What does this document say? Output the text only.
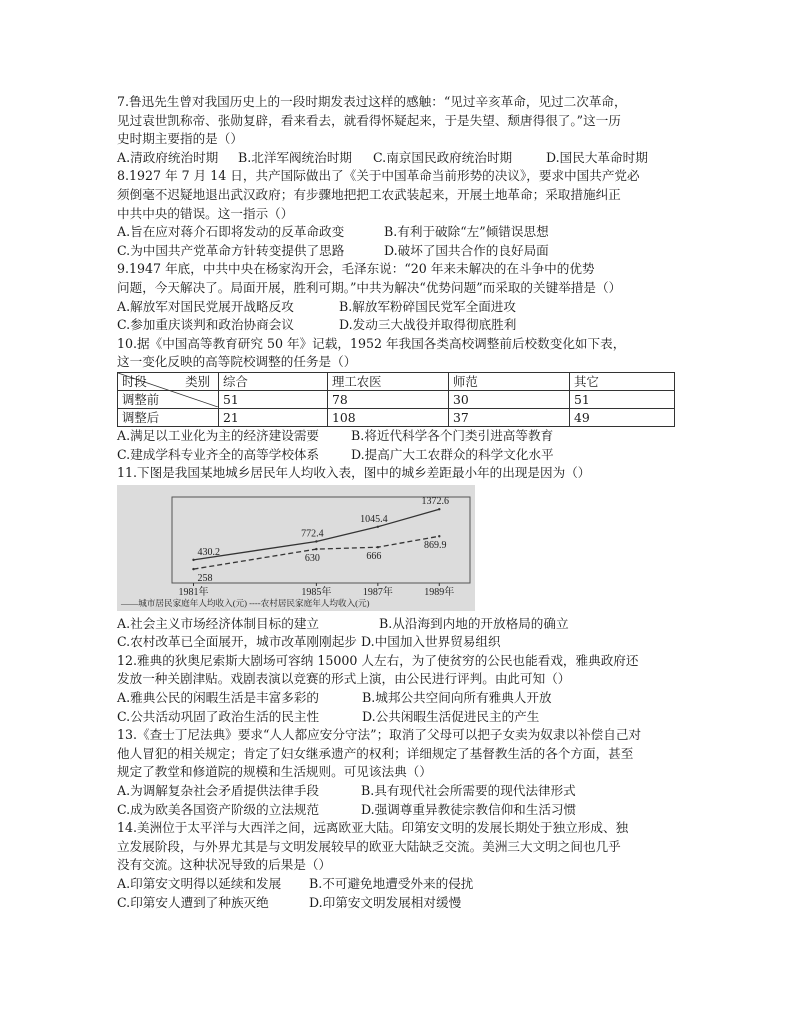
7.鲁迅先生曾对我国历史上的一段时期发表过这样的感触：“见过辛亥革命，见过二次革命，

见过袁世凯称帝、张勋复辟，看来看去，就看得怀疑起来，于是失望、颓唐得很了。”这一历

史时期主要指的是（）

A.清政府统治时期	B.北洋军阀统治时期	C.南京国民政府统治时期	D.国民大革命时期

8.1927 年 7 月 14 日，共产国际做出了《关于中国革命当前形势的决议》，要求中国共产党必

须倒毫不迟疑地退出武汉政府；有步骤地把把工农武装起来，开展土地革命；采取措施纠正

中共中央的错误。这一指示（）

A.旨在应对蒋介石即将发动的反革命政变	B.有利于破除“左”倾错误思想
C.为中国共产党革命方针转变提供了思路	D.破坏了国共合作的良好局面

9.1947 年底，中共中央在杨家沟开会，毛泽东说：“20 年来未解决的在斗争中的优势

问题，今天解决了。局面开展，胜利可期。”中共为解决“优势问题”而采取的关键举措是（）

A.解放军对国民党展开战略反攻	B.解放军粉碎国民党军全面进攻
C.参加重庆谈判和政治协商会议	D.发动三大战役并取得彻底胜利

10.据《中国高等教育研究 50 年》记载，1952 年我国各类高校调整前后校数变化如下表，

这一变化反映的高等院校调整的任务是（）

类别
时段	综合	理工农医	师范	其它
调整前	51	78	30	51
调整后	21	108	37	49
A.满足以工业化为主的经济建设需要	B.将近代科学各个门类引进高等教育
C.建成学科专业齐全的高等学校体系	D.提高广大工农群众的科学文化水平

11.下图是我国某地城乡居民年人均收入表，图中的城乡差距最小年的出现是因为（）

430.2
772.4
1045.4
1372.6
258
630	666
869.9
1981年	1985年	1987年	1989年
——城市居民家庭年人均收入(元) ----农村居民家庭年人均收入(元)
A.社会主义市场经济体制目标的建立	B.从沿海到内地的开放格局的确立
C.农村改革已全面展开，城市改革刚刚起步 D.中国加入世界贸易组织

12.雅典的狄奥尼索斯大剧场可容纳 15000 人左右，为了使贫穷的公民也能看戏，雅典政府还

发放一种关剧津贴。戏剧表演以竞赛的形式上演，由公民进行评判。由此可知（）

A.雅典公民的闲暇生活是丰富多彩的	B.城邦公共空间向所有雅典人开放
C.公共活动巩固了政治生活的民主性	D.公共闲暇生活促进民主的产生

13.《查士丁尼法典》要求“人人都应安分守法”；取消了父母可以把子女卖为奴隶以补偿自己对

他人冒犯的相关规定；肯定了妇女继承遗产的权利；详细规定了基督教生活的各个方面，甚至

规定了教堂和修道院的规模和生活规则。可见该法典（）

A.为调解复杂社会矛盾提供法律手段	B.具有现代社会所需要的现代法律形式
C.成为欧美各国资产阶级的立法规范	D.强调尊重异教徒宗教信仰和生活习惯

14.美洲位于太平洋与大西洋之间，远离欧亚大陆。印第安文明的发展长期处于独立形成、独

立发展阶段，与外界尤其是与文明发展较早的欧亚大陆缺乏交流。美洲三大文明之间也几乎

没有交流。这种状况导致的后果是（）

A.印第安文明得以延续和发展	B.不可避免地遭受外来的侵扰
C.印第安人遭到了种族灭绝	D.印第安文明发展相对缓慢
